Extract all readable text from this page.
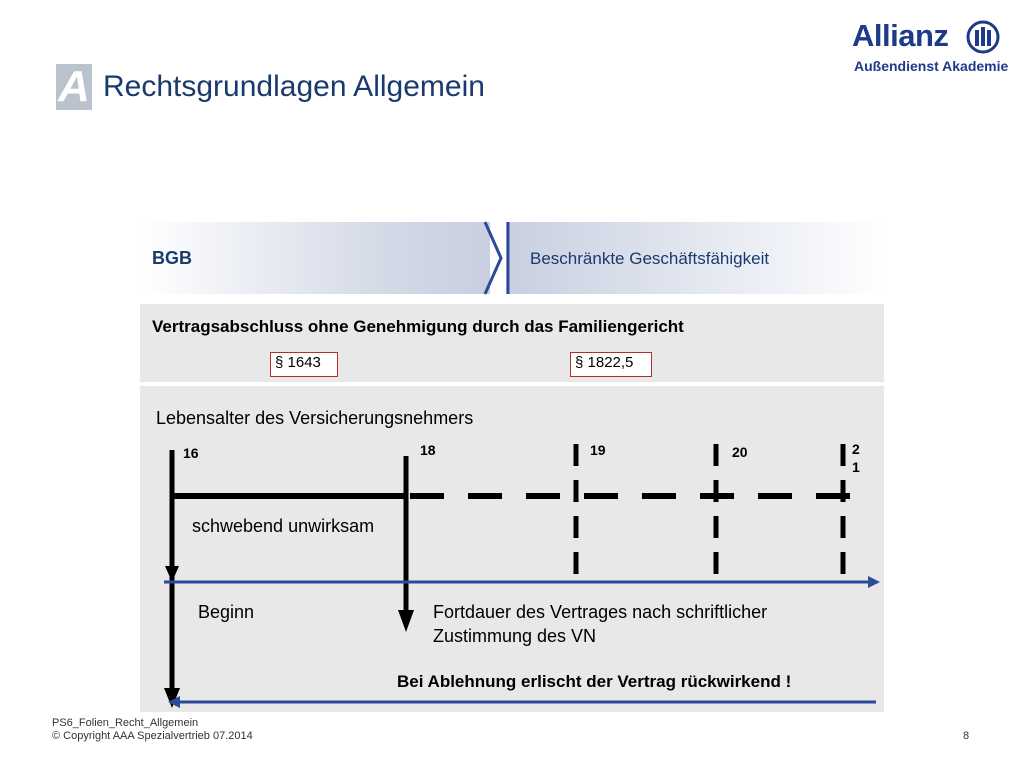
A Rechtsgrundlagen Allgemein
Allianz
Außendienst Akademie
BGB	Beschränkte Geschäftsfähigkeit
Vertragsabschluss ohne Genehmigung durch das Familiengericht
§ 1643	§ 1822,5
Lebensalter des Versicherungsnehmers
16	18	19	20	21
schwebend unwirksam
Beginn	Fortdauer des Vertrages nach schriftlicher Zustimmung des VN
Bei Ablehnung erlischt der Vertrag rückwirkend !
PS6_Folien_Recht_Allgemein
© Copyright AAA Spezialvertrieb 07.2014	8
